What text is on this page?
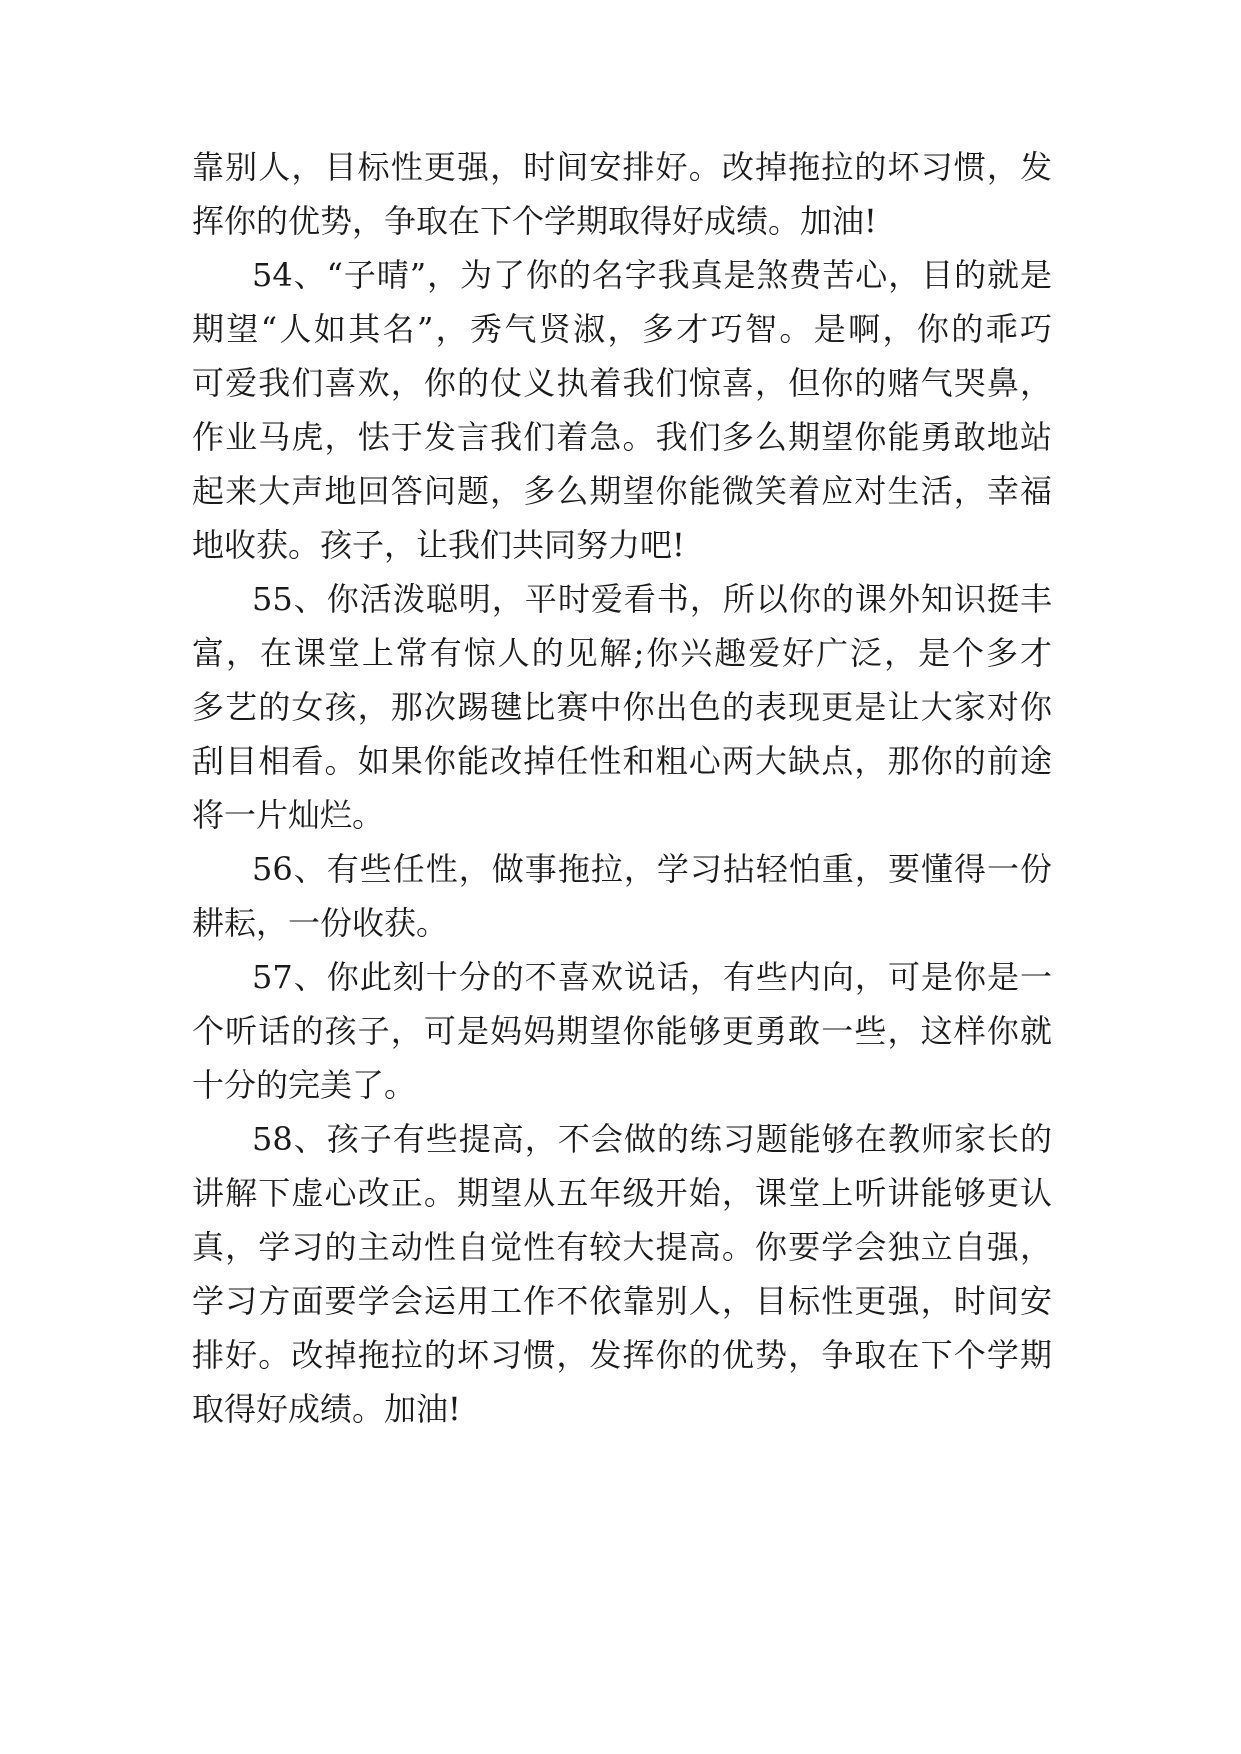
靠别人，目标性更强，时间安排好。改掉拖拉的坏习惯，发
挥你的优势，争取在下个学期取得好成绩。加油!
54、“子晴”，为了你的名字我真是煞费苦心，目的就是
期望“人如其名”，秀气贤淑，多才巧智。是啊，你的乖巧
可爱我们喜欢，你的仗义执着我们惊喜，但你的赌气哭鼻，
作业马虎，怯于发言我们着急。我们多么期望你能勇敢地站
起来大声地回答问题，多么期望你能微笑着应对生活，幸福
地收获。孩子，让我们共同努力吧!
55、你活泼聪明，平时爱看书，所以你的课外知识挺丰
富，在课堂上常有惊人的见解;你兴趣爱好广泛，是个多才
多艺的女孩，那次踢毽比赛中你出色的表现更是让大家对你
刮目相看。如果你能改掉任性和粗心两大缺点，那你的前途
将一片灿烂。
56、有些任性，做事拖拉，学习拈轻怕重，要懂得一份
耕耘，一份收获。
57、你此刻十分的不喜欢说话，有些内向，可是你是一
个听话的孩子，可是妈妈期望你能够更勇敢一些，这样你就
十分的完美了。
58、孩子有些提高，不会做的练习题能够在教师家长的
讲解下虚心改正。期望从五年级开始，课堂上听讲能够更认
真，学习的主动性自觉性有较大提高。你要学会独立自强，
学习方面要学会运用工作不依靠别人，目标性更强，时间安
排好。改掉拖拉的坏习惯，发挥你的优势，争取在下个学期
取得好成绩。加油!
